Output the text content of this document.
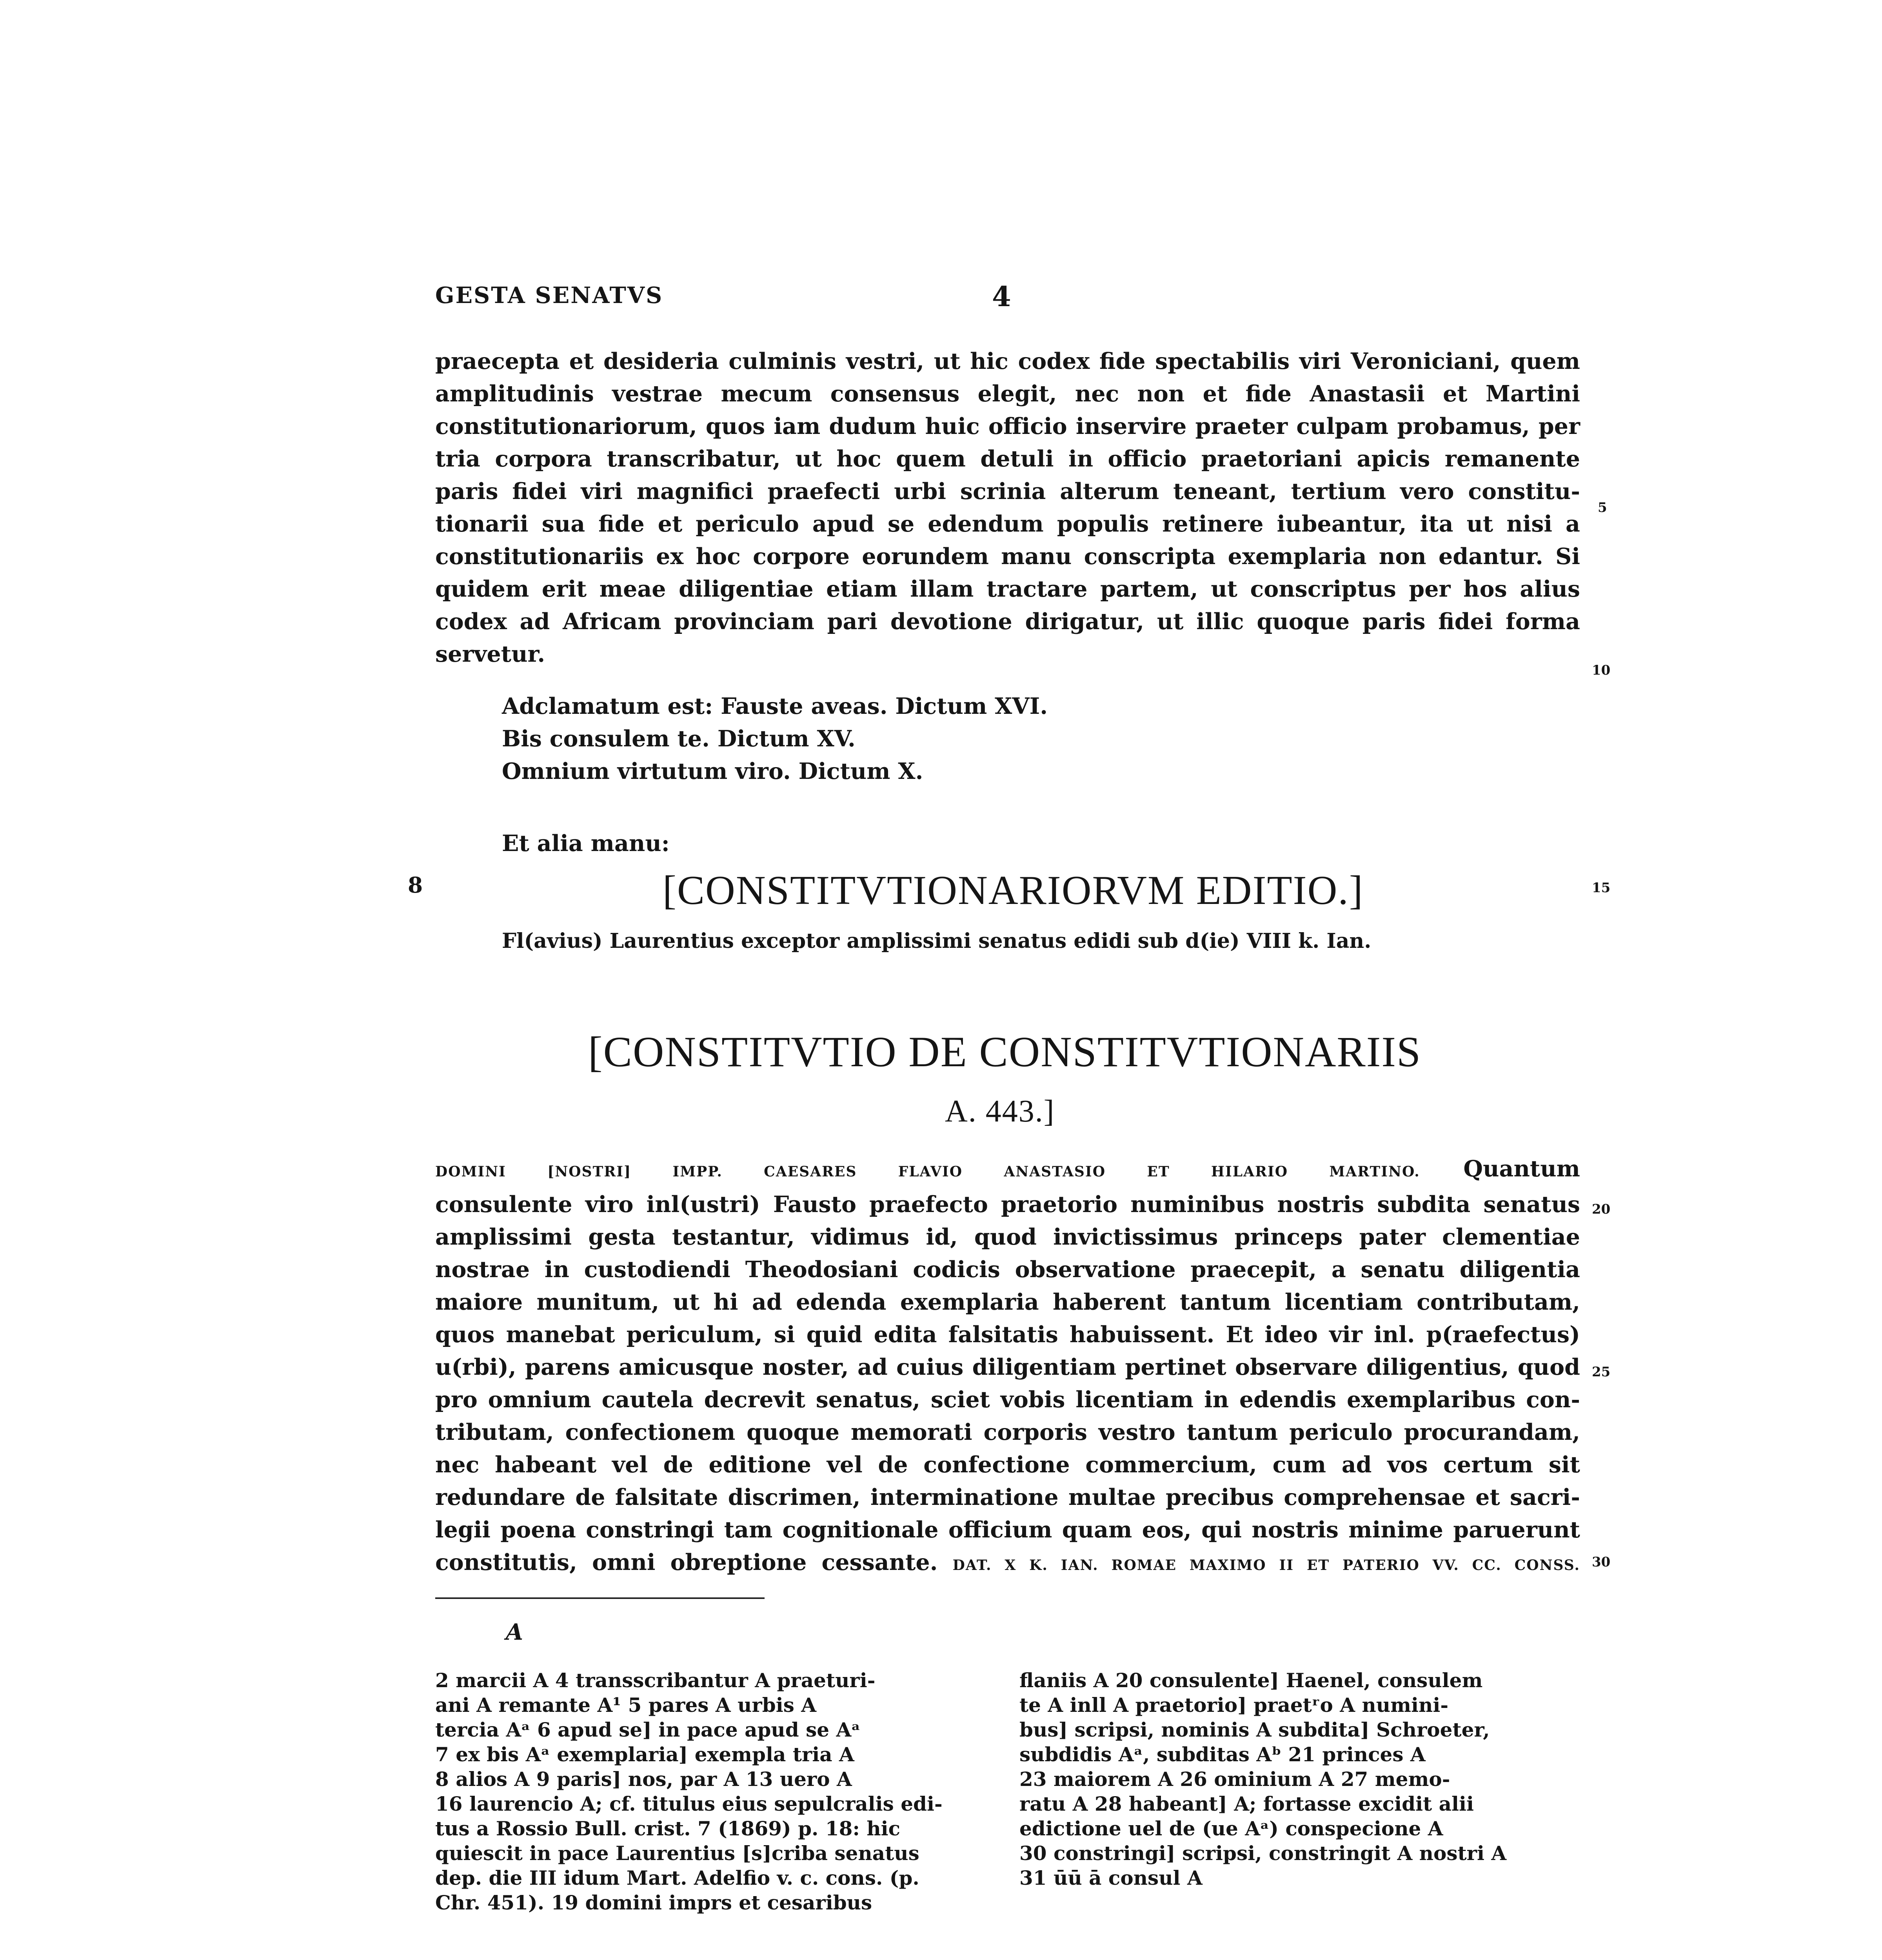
GESTA SENATVS	4
praecepta et desideria culminis vestri, ut hic codex fide spectabilis viri Veroniciani, quem
amplitudinis vestrae mecum consensus elegit, nec non et fide Anastasii et Martini
constitutionariorum, quos iam dudum huic officio inservire praeter culpam probamus, per
tria corpora transcribatur, ut hoc quem detuli in officio praetoriani apicis remanente
paris fidei viri magnifici praefecti urbi scrinia alterum teneant, tertium vero constitu-
tionarii sua fide et periculo apud se edendum populis retinere iubeantur, ita ut nisi a
constitutionariis ex hoc corpore eorundem manu conscripta exemplaria non edantur. Si
quidem erit meae diligentiae etiam illam tractare partem, ut conscriptus per hos alius
codex ad Africam provinciam pari devotione dirigatur, ut illic quoque paris fidei forma
servetur.
Adclamatum est: Fauste aveas. Dictum XVI.
Bis consulem te. Dictum XV.
Omnium virtutum viro. Dictum X.
Et alia manu:
[CONSTITVTIONARIORVM EDITIO.]
Fl(avius) Laurentius exceptor amplissimi senatus edidi sub d(ie) VIII k. Ian.
[CONSTITVTIO DE CONSTITVTIONARIIS
A. 443.]
DOMINI [NOSTRI] IMPP. CAESARES FLAVIO ANASTASIO ET HILARIO MARTINO. Quantum
consulente viro inl(ustri) Fausto praefecto praetorio numinibus nostris subdita senatus
amplissimi gesta testantur, vidimus id, quod invictissimus princeps pater clementiae
nostrae in custodiendi Theodosiani codicis observatione praecepit, a senatu diligentia
maiore munitum, ut hi ad edenda exemplaria haberent tantum licentiam contributam,
quos manebat periculum, si quid edita falsitatis habuissent. Et ideo vir inl. p(raefectus)
u(rbi), parens amicusque noster, ad cuius diligentiam pertinet observare diligentius, quod
pro omnium cautela decrevit senatus, sciet vobis licentiam in edendis exemplaribus con-
tributam, confectionem quoque memorati corporis vestro tantum periculo procurandam,
nec habeant vel de editione vel de confectione commercium, cum ad vos certum sit
redundare de falsitate discrimen, interminatione multae precibus comprehensae et sacri-
legii poena constringi tam cognitionale officium quam eos, qui nostris minime paruerunt
constitutis, omni obreptione cessante. DAT. X K. IAN. ROMAE MAXIMO II ET PATERIO VV. CC. CONSS.
5
10
15
20
25
30
8
A
2 marcii A 4 transscribantur A praeturi-
ani A remante A¹ 5 pares A urbis A
tercia Aᵃ 6 apud se] in pace apud se Aᵃ
7 ex bis Aᵃ exemplaria] exempla tria A
8 alios A 9 paris] nos, par A 13 uero A
16 laurencio A; cf. titulus eius sepulcralis edi-
tus a Rossio Bull. crist. 7 (1869) p. 18: hic
quiescit in pace Laurentius [s]criba senatus
dep. die III idum Mart. Adelfio v. c. cons. (p.
Chr. 451). 19 domini imprs et cesaribus
flaniis A 20 consulente] Haenel, consulem
te A inll A praetorio] praetʳo A numini-
bus] scripsi, nominis A subdita] Schroeter,
subdidis Aᵃ, subditas Aᵇ 21 princes A
23 maiorem A 26 ominium A 27 memo-
ratu A 28 habeant] A; fortasse excidit alii
edictione uel de (ue Aᵃ) conspecione A
30 constringi] scripsi, constringit A nostri A
31 ūū ā consul A
